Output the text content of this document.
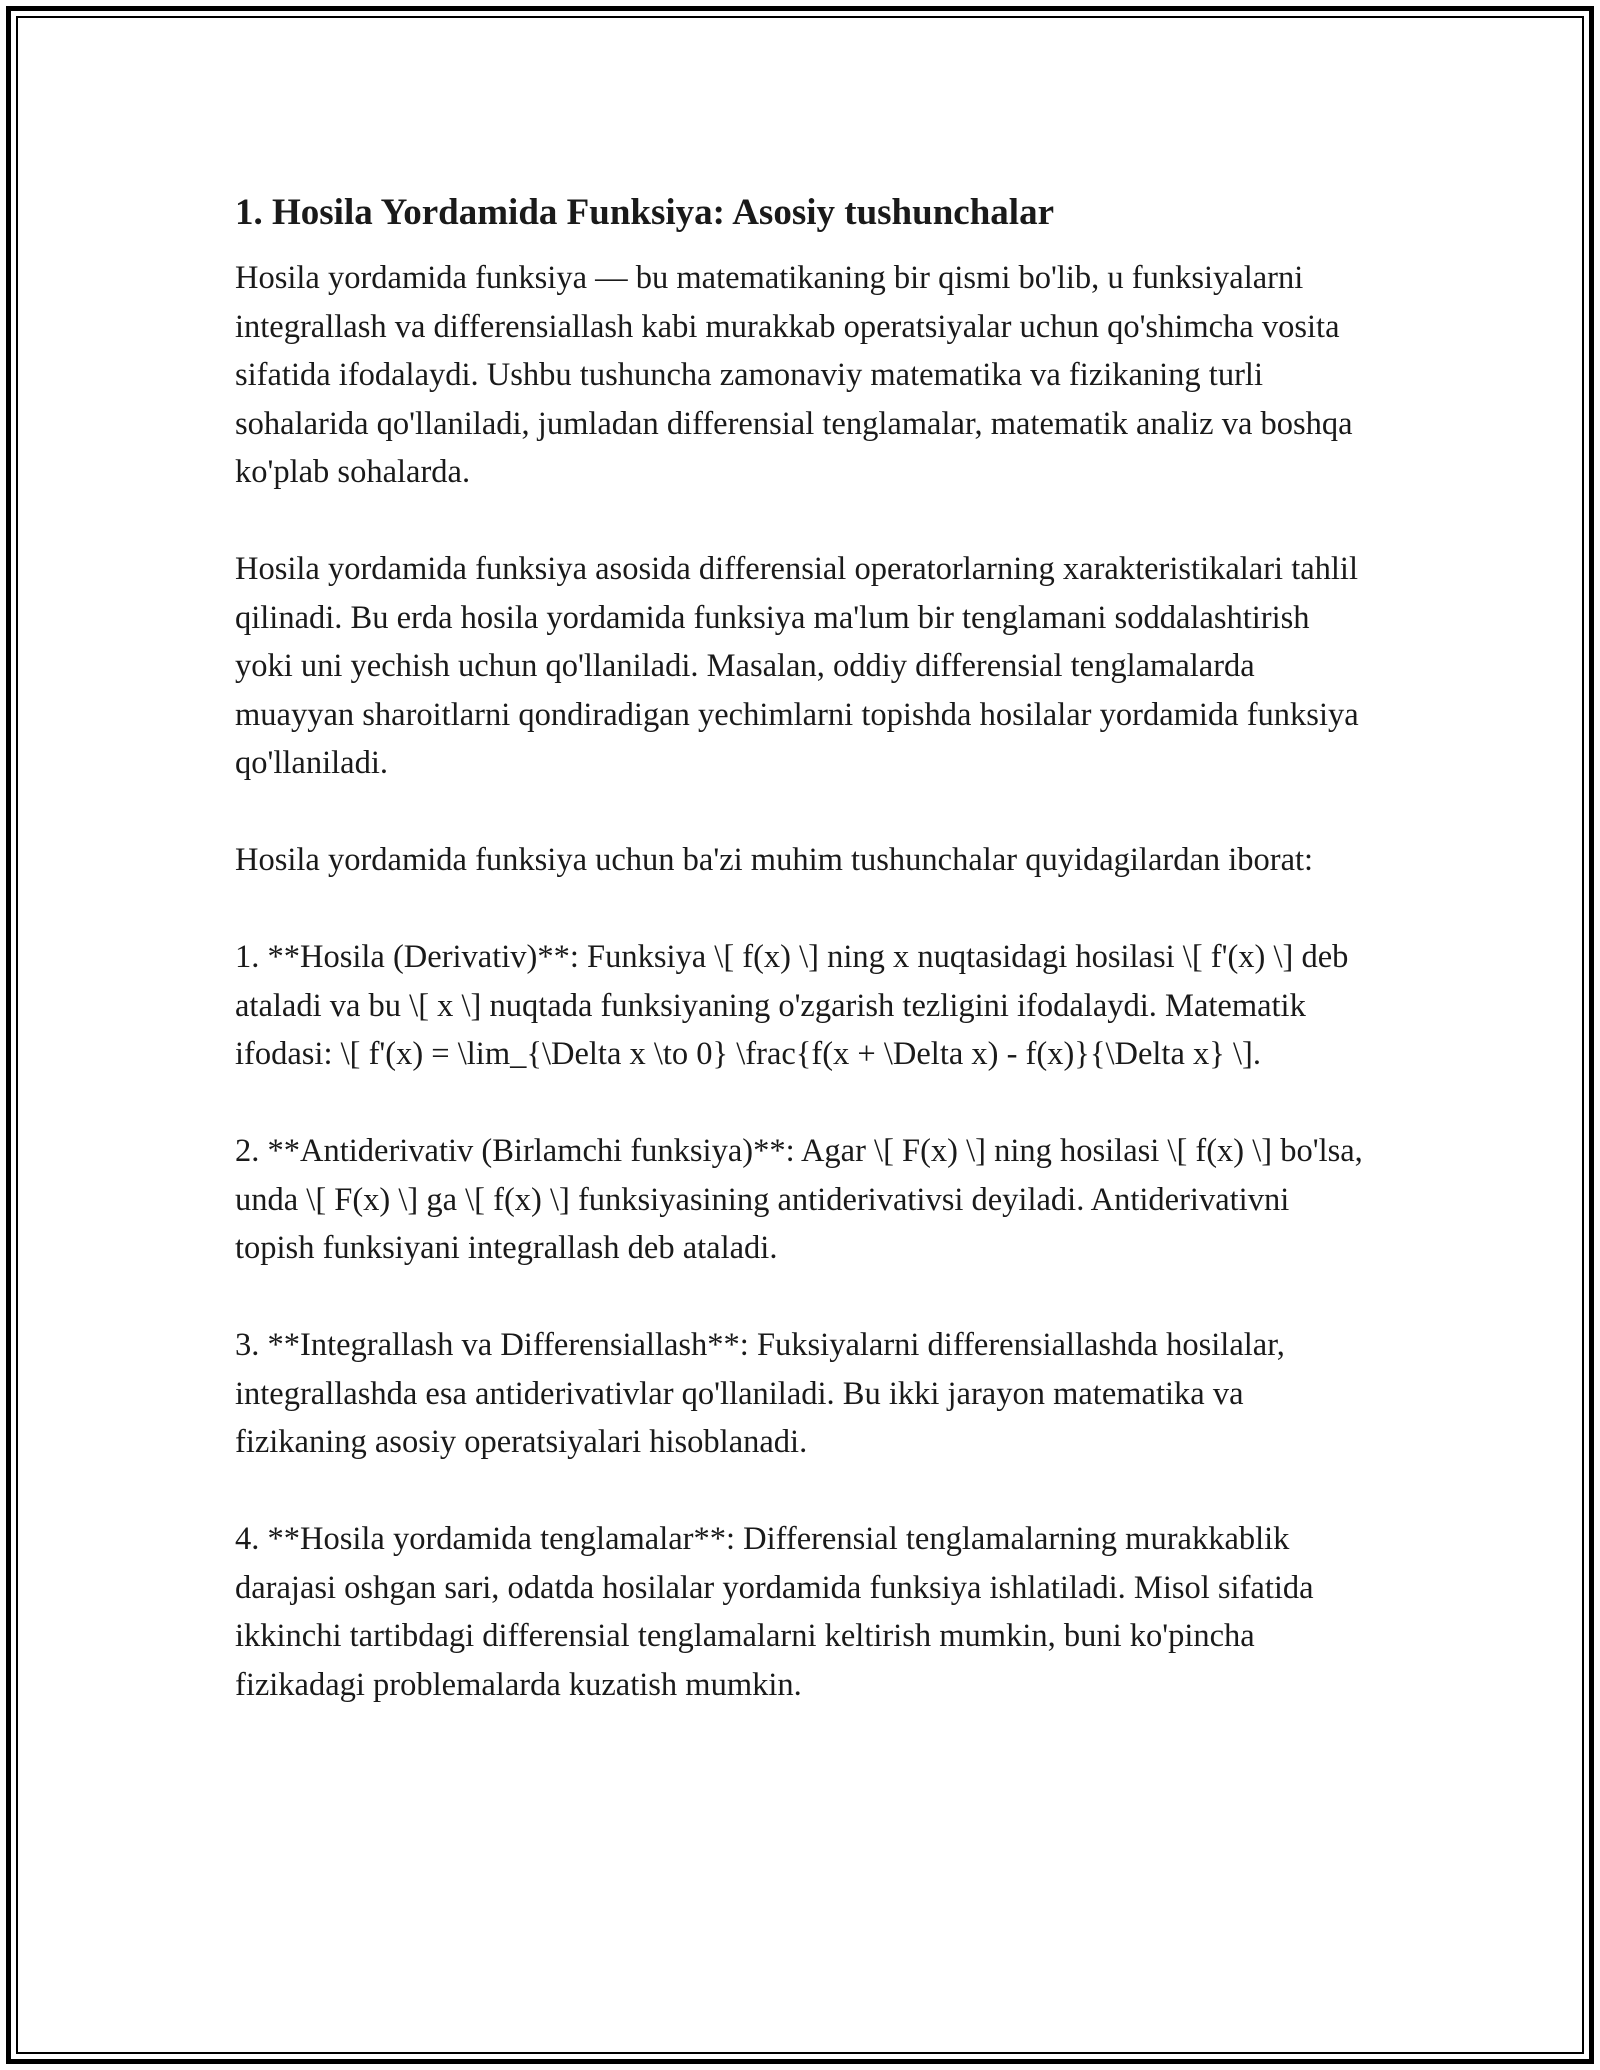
1. Hosila Yordamida Funksiya: Asosiy tushunchalar

Hosila yordamida funksiya — bu matematikaning bir qismi bo'lib, u funksiyalarni integrallash va differensiallash kabi murakkab operatsiyalar uchun qo'shimcha vosita sifatida ifodalaydi. Ushbu tushuncha zamonaviy matematika va fizikaning turli sohalarida qo'llaniladi, jumladan differensial tenglamalar, matematik analiz va boshqa ko'plab sohalarda.

Hosila yordamida funksiya asosida differensial operatorlarning xarakteristikalari tahlil qilinadi. Bu erda hosila yordamida funksiya ma'lum bir tenglamani soddalashtirish yoki uni yechish uchun qo'llaniladi. Masalan, oddiy differensial tenglamalarda muayyan sharoitlarni qondiradigan yechimlarni topishda hosilalar yordamida funksiya qo'llaniladi.

Hosila yordamida funksiya uchun ba'zi muhim tushunchalar quyidagilardan iborat:

1. **Hosila (Derivativ)**: Funksiya \[ f(x) \] ning x nuqtasidagi hosilasi \[ f'(x) \] deb ataladi va bu \[ x \] nuqtada funksiyaning o'zgarish tezligini ifodalaydi. Matematik ifodasi: \[ f'(x) = \lim_{\Delta x \to 0} \frac{f(x + \Delta x) - f(x)}{\Delta x} \].

2. **Antiderivativ (Birlamchi funksiya)**: Agar \[ F(x) \] ning hosilasi \[ f(x) \] bo'lsa, unda \[ F(x) \] ga \[ f(x) \] funksiyasining antiderivativsi deyiladi. Antiderivativni topish funksiyani integrallash deb ataladi.

3. **Integrallash va Differensiallash**: Fuksiyalarni differensiallashda hosilalar, integrallashda esa antiderivativlar qo'llaniladi. Bu ikki jarayon matematika va fizikaning asosiy operatsiyalari hisoblanadi.

4. **Hosila yordamida tenglamalar**: Differensial tenglamalarning murakkablik darajasi oshgan sari, odatda hosilalar yordamida funksiya ishlatiladi. Misol sifatida ikkinchi tartibdagi differensial tenglamalarni keltirish mumkin, buni ko'pincha fizikadagi problemalarda kuzatish mumkin.
